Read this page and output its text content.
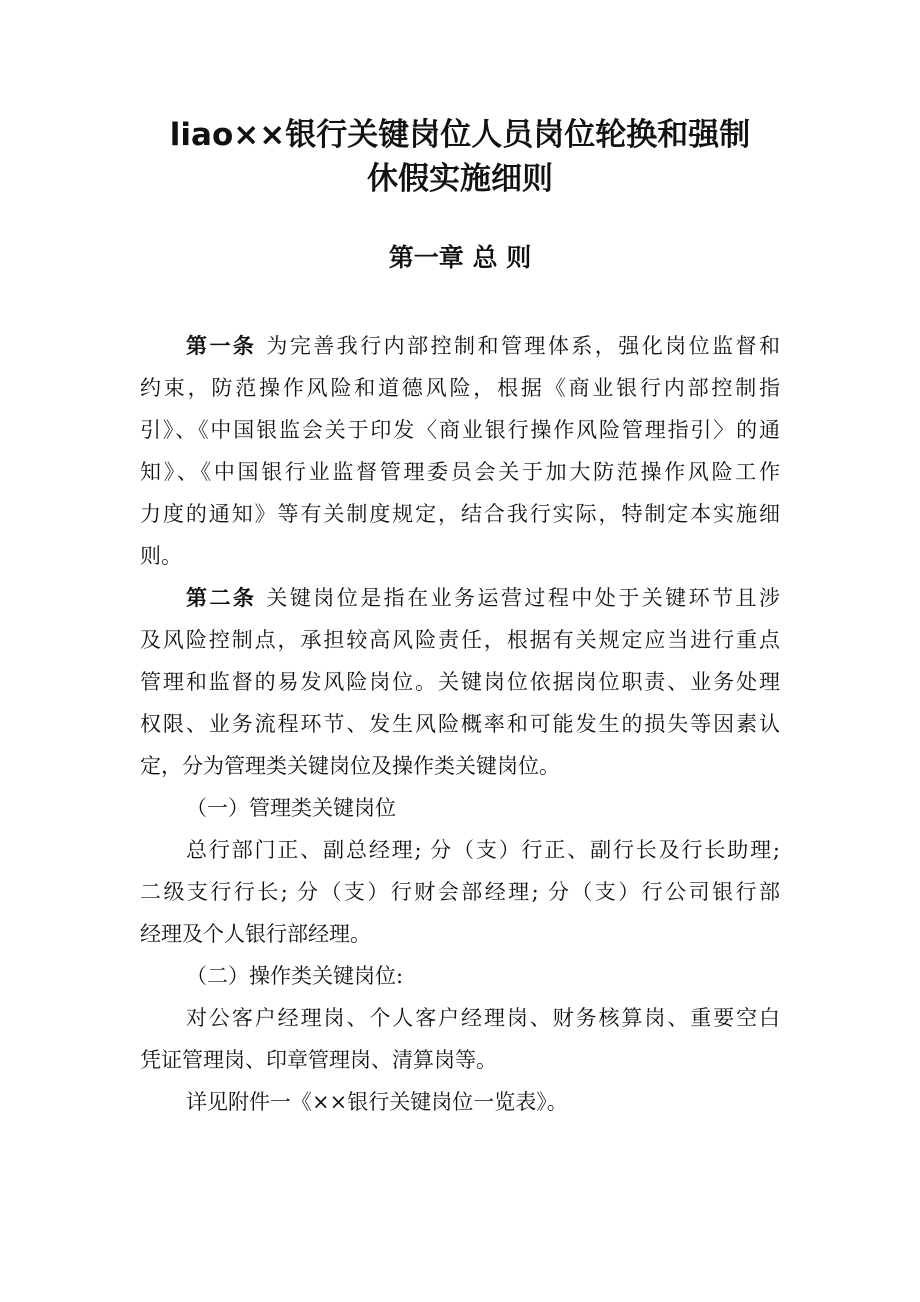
liao××银行关键岗位人员岗位轮换和强制
休假实施细则
第一章 总 则
第一条 为完善我行内部控制和管理体系，强化岗位监督和
约束，防范操作风险和道德风险，根据《商业银行内部控制指
引》、《中国银监会关于印发〈商业银行操作风险管理指引〉的通
知》、《中国银行业监督管理委员会关于加大防范操作风险工作
力度的通知》等有关制度规定，结合我行实际，特制定本实施细
则。
第二条 关键岗位是指在业务运营过程中处于关键环节且涉
及风险控制点，承担较高风险责任，根据有关规定应当进行重点
管理和监督的易发风险岗位。关键岗位依据岗位职责、业务处理
权限、业务流程环节、发生风险概率和可能发生的损失等因素认
定，分为管理类关键岗位及操作类关键岗位。
（一）管理类关键岗位
总行部门正、副总经理; 分（支）行正、副行长及行长助理;
二级支行行长; 分（支）行财会部经理; 分（支）行公司银行部
经理及个人银行部经理。
（二）操作类关键岗位:
对公客户经理岗、个人客户经理岗、财务核算岗、重要空白
凭证管理岗、印章管理岗、清算岗等。
详见附件一《××银行关键岗位一览表》。
